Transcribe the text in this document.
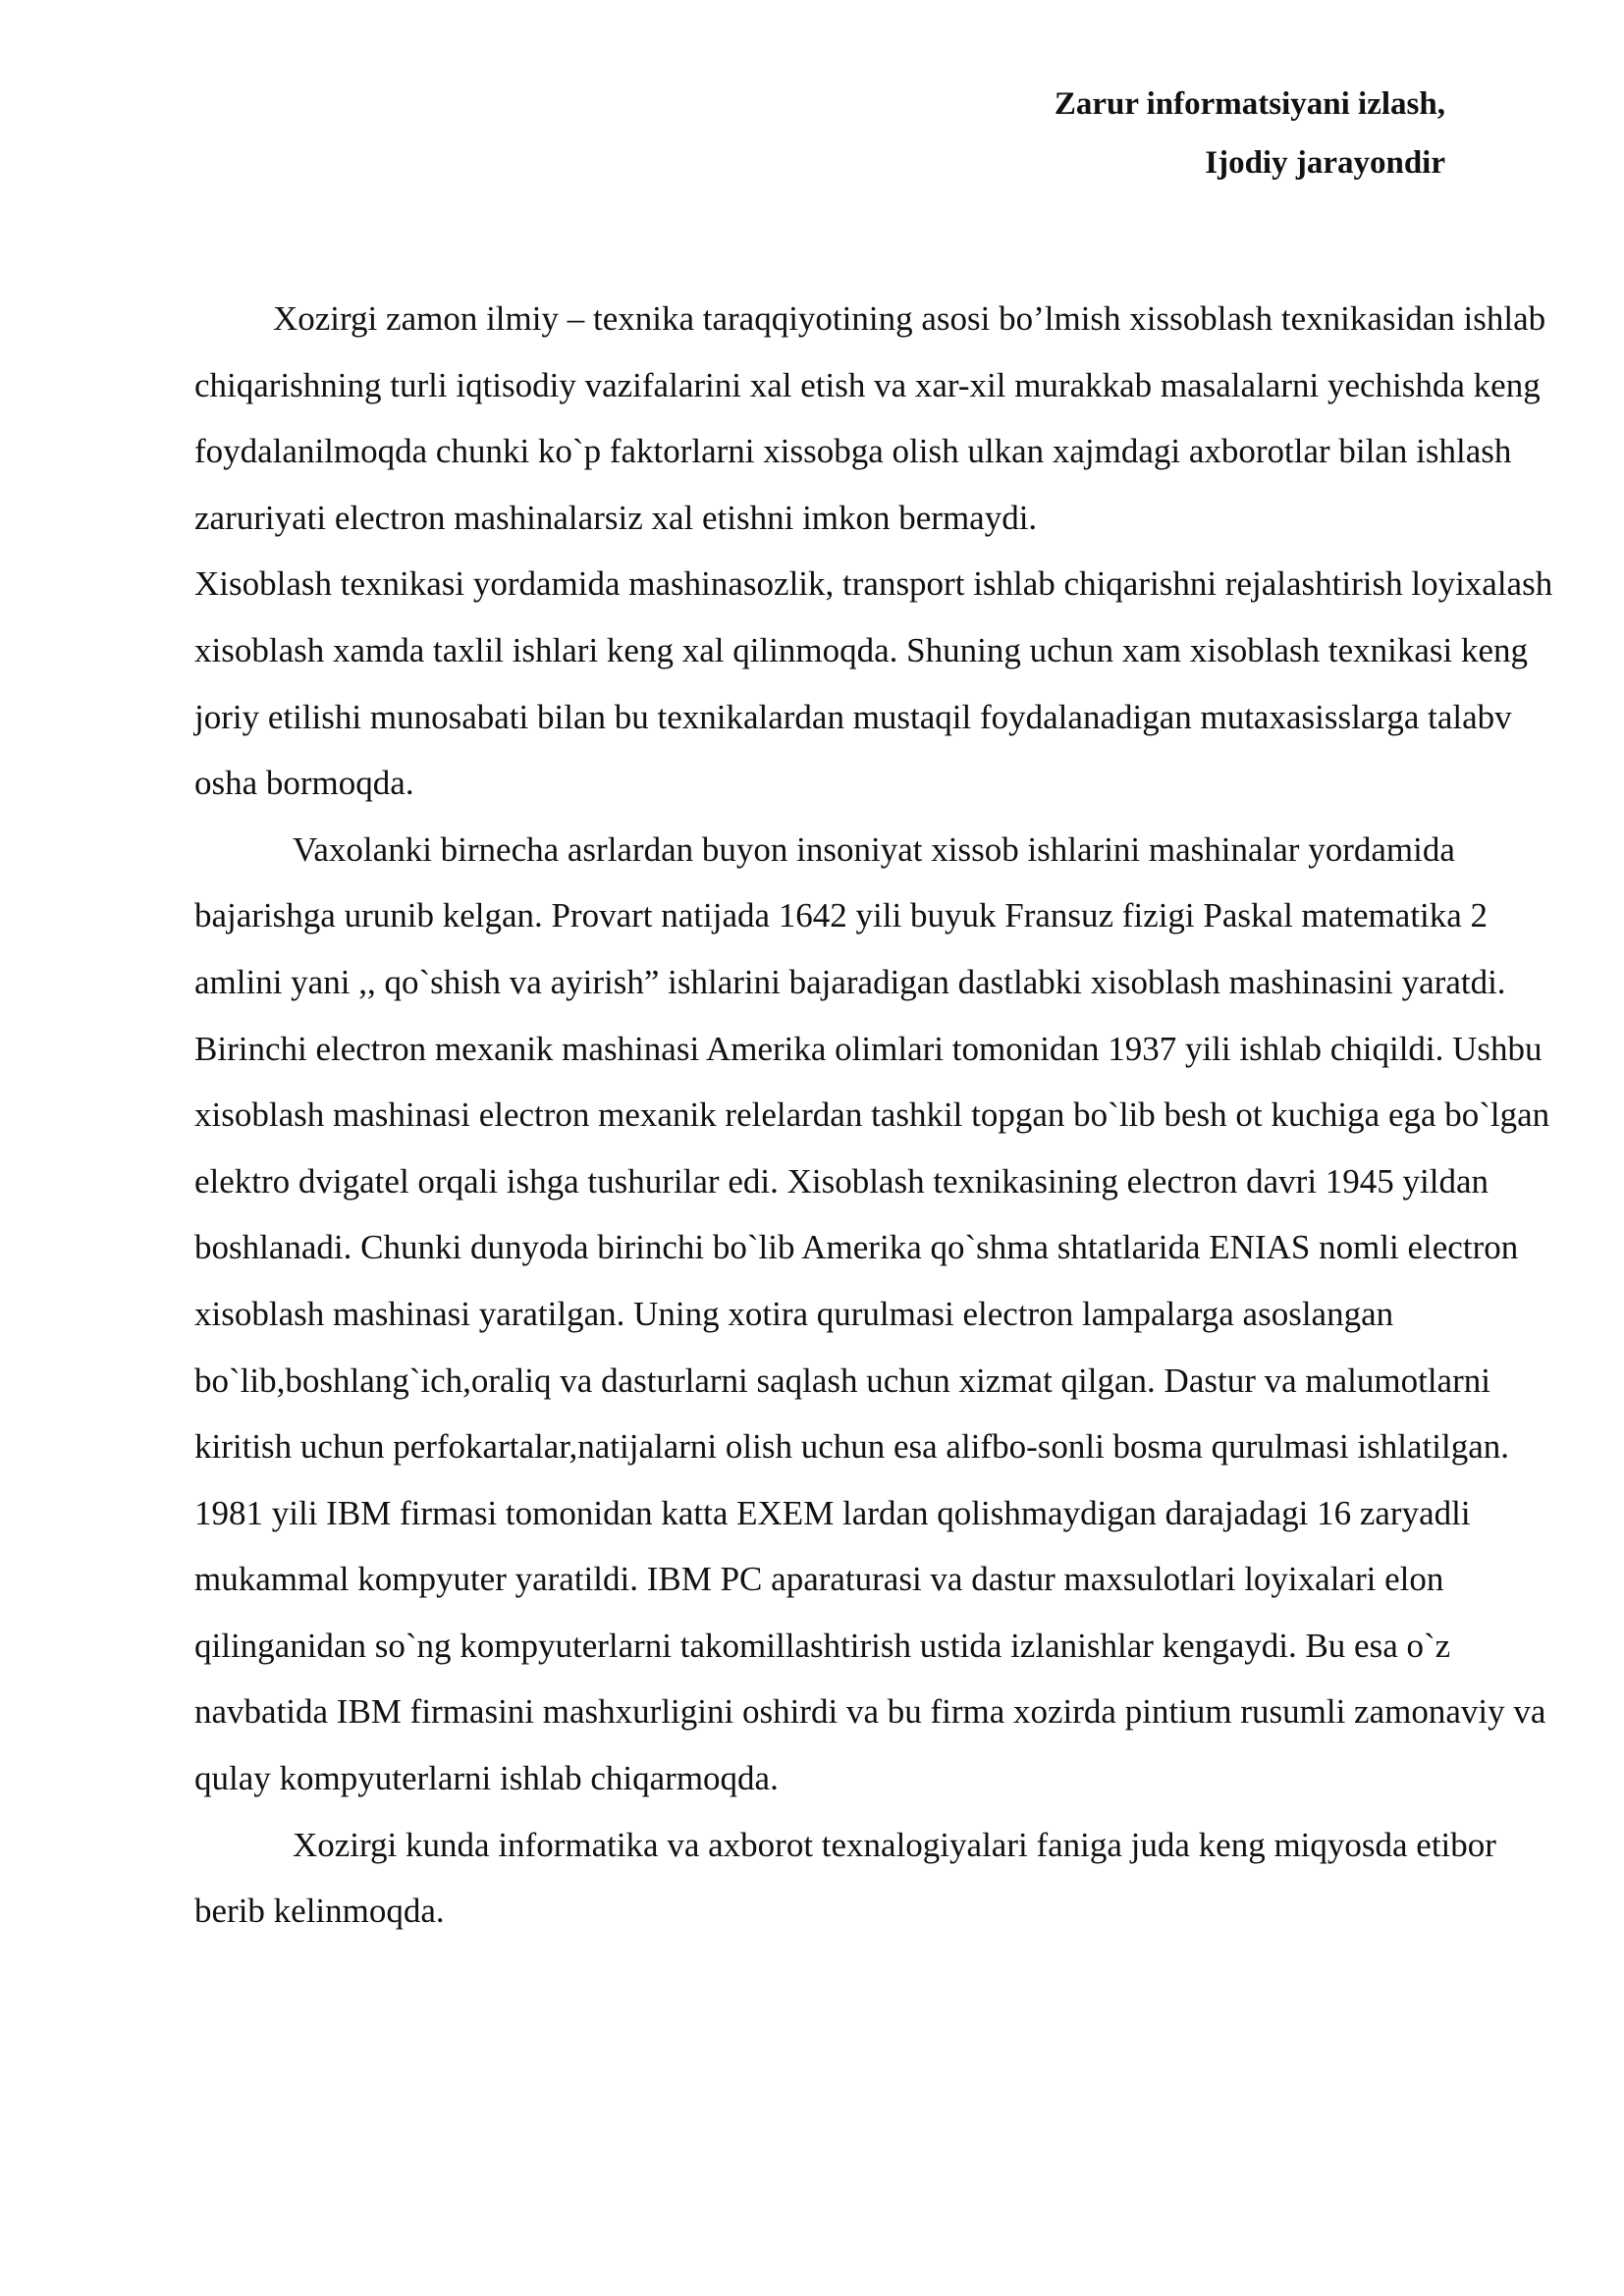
Zarur informatsiyani izlash,
Ijodiy jarayondir

Xozirgi zamon ilmiy – texnika taraqqiyotining asosi bo’lmish xissoblash texnikasidan ishlab chiqarishning turli iqtisodiy vazifalarini xal etish va xar-xil murakkab masalalarni yechishda keng foydalanilmoqda chunki ko`p faktorlarni xissobga olish ulkan xajmdagi axborotlar bilan ishlash zaruriyati electron mashinalarsiz xal etishni imkon bermaydi.

Xisoblash texnikasi yordamida mashinasozlik, transport ishlab chiqarishni rejalashtirish loyixalash xisoblash xamda taxlil ishlari keng xal qilinmoqda. Shuning uchun xam xisoblash texnikasi keng joriy etilishi munosabati bilan bu texnikalardan mustaqil foydalanadigan mutaxasisslarga talabv osha bormoqda.

Vaxolanki birnecha asrlardan buyon insoniyat xissob ishlarini mashinalar yordamida bajarishga urunib kelgan. Provart natijada 1642 yili buyuk Fransuz fizigi Paskal matematika 2 amlini yani ,, qo`shish va ayirish” ishlarini bajaradigan dastlabki xisoblash mashinasini yaratdi.

Birinchi electron mexanik mashinasi Amerika olimlari tomonidan 1937 yili ishlab chiqildi. Ushbu xisoblash mashinasi electron mexanik relelardan tashkil topgan bo`lib besh ot kuchiga ega bo`lgan elektro dvigatel orqali ishga tushurilar edi. Xisoblash texnikasining electron davri 1945 yildan boshlanadi. Chunki dunyoda birinchi bo`lib Amerika qo`shma shtatlarida ENIAS nomli electron xisoblash mashinasi yaratilgan. Uning xotira qurulmasi electron lampalarga asoslangan bo`lib,boshlang`ich,oraliq va dasturlarni saqlash uchun xizmat qilgan. Dastur va malumotlarni kiritish uchun perfokartalar,natijalarni olish uchun esa alifbo-sonli bosma qurulmasi ishlatilgan. 1981 yili IBM firmasi tomonidan katta EXEM lardan qolishmaydigan darajadagi 16 zaryadli mukammal kompyuter yaratildi. IBM PC aparaturasi va dastur maxsulotlari loyixalari elon qilinganidan so`ng kompyuterlarni takomillashtirish ustida izlanishlar kengaydi. Bu esa o`z navbatida IBM firmasini mashxurligini oshirdi va bu firma xozirda pintium rusumli zamonaviy va qulay kompyuterlarni ishlab chiqarmoqda.

Xozirgi kunda informatika va axborot texnalogiyalari faniga juda keng miqyosda etibor berib kelinmoqda.
